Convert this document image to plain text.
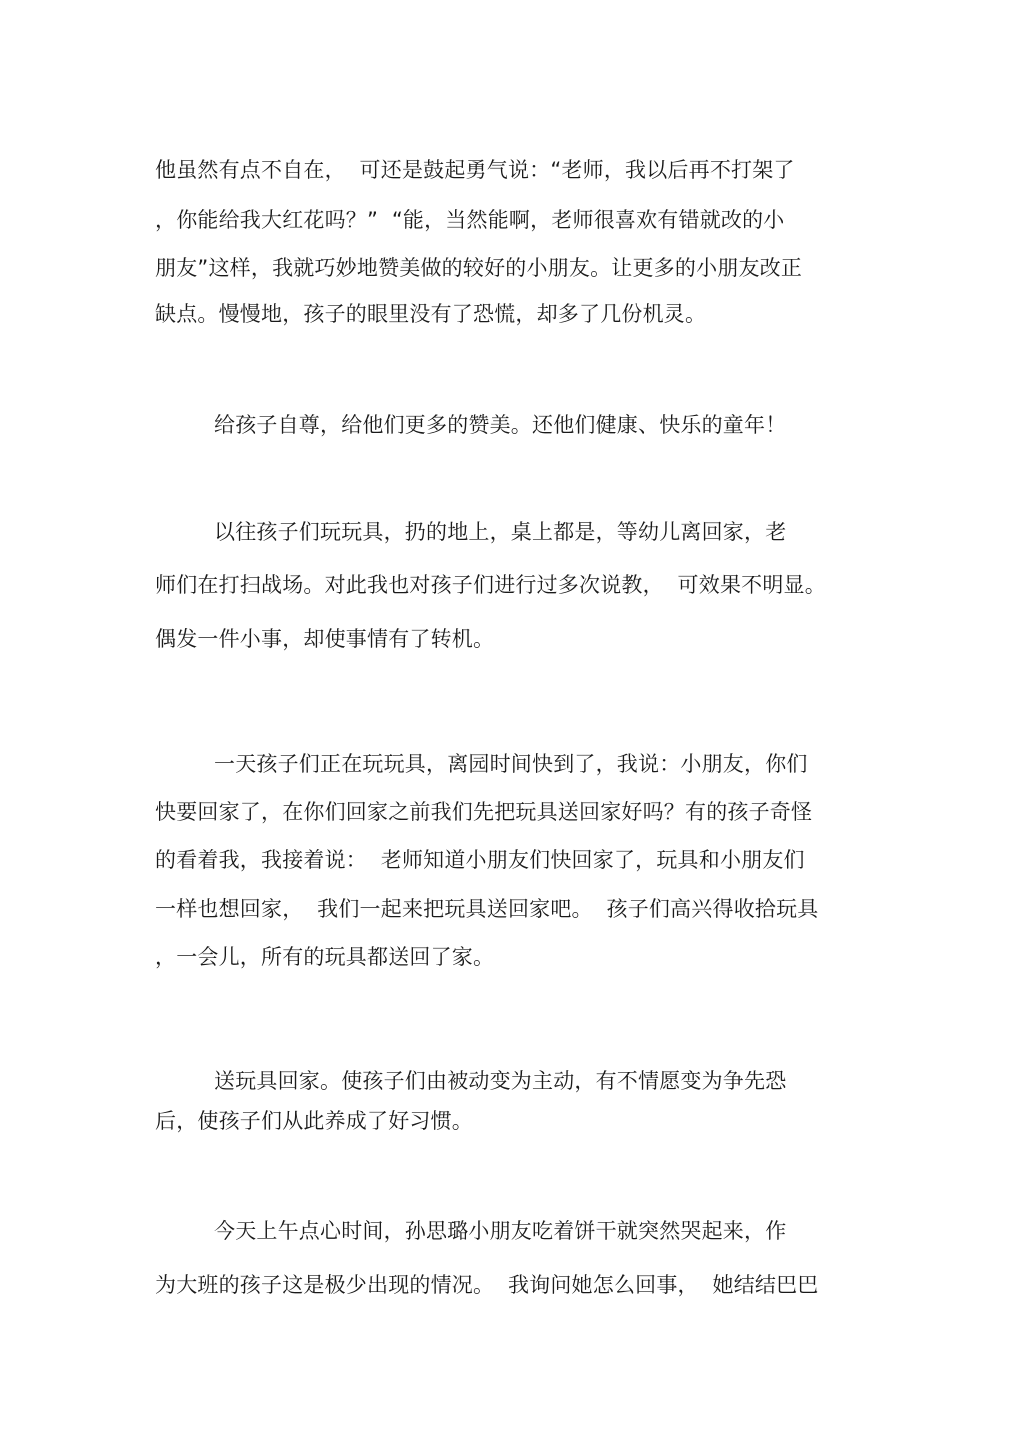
他虽然有点不自在，  可还是鼓起勇气说：“老师，我以后再不打架了
，你能给我大红花吗？”  “能，当然能啊，老师很喜欢有错就改的小
朋友”这样，我就巧妙地赞美做的较好的小朋友。让更多的小朋友改正
缺点。慢慢地，孩子的眼里没有了恐慌，却多了几份机灵。
给孩子自尊，给他们更多的赞美。还他们健康、快乐的童年！
以往孩子们玩玩具，扔的地上，桌上都是，等幼儿离回家，老
师们在打扫战场。对此我也对孩子们进行过多次说教，  可效果不明显。
偶发一件小事，却使事情有了转机。
一天孩子们正在玩玩具，离园时间快到了，我说：小朋友，你们
快要回家了，在你们回家之前我们先把玩具送回家好吗？有的孩子奇怪
的看着我，我接着说：  老师知道小朋友们快回家了，玩具和小朋友们
一样也想回家，  我们一起来把玩具送回家吧。  孩子们高兴得收拾玩具
，一会儿，所有的玩具都送回了家。
送玩具回家。使孩子们由被动变为主动，有不情愿变为争先恐
后，使孩子们从此养成了好习惯。
今天上午点心时间，孙思璐小朋友吃着饼干就突然哭起来，作
为大班的孩子这是极少出现的情况。  我询问她怎么回事，  她结结巴巴
